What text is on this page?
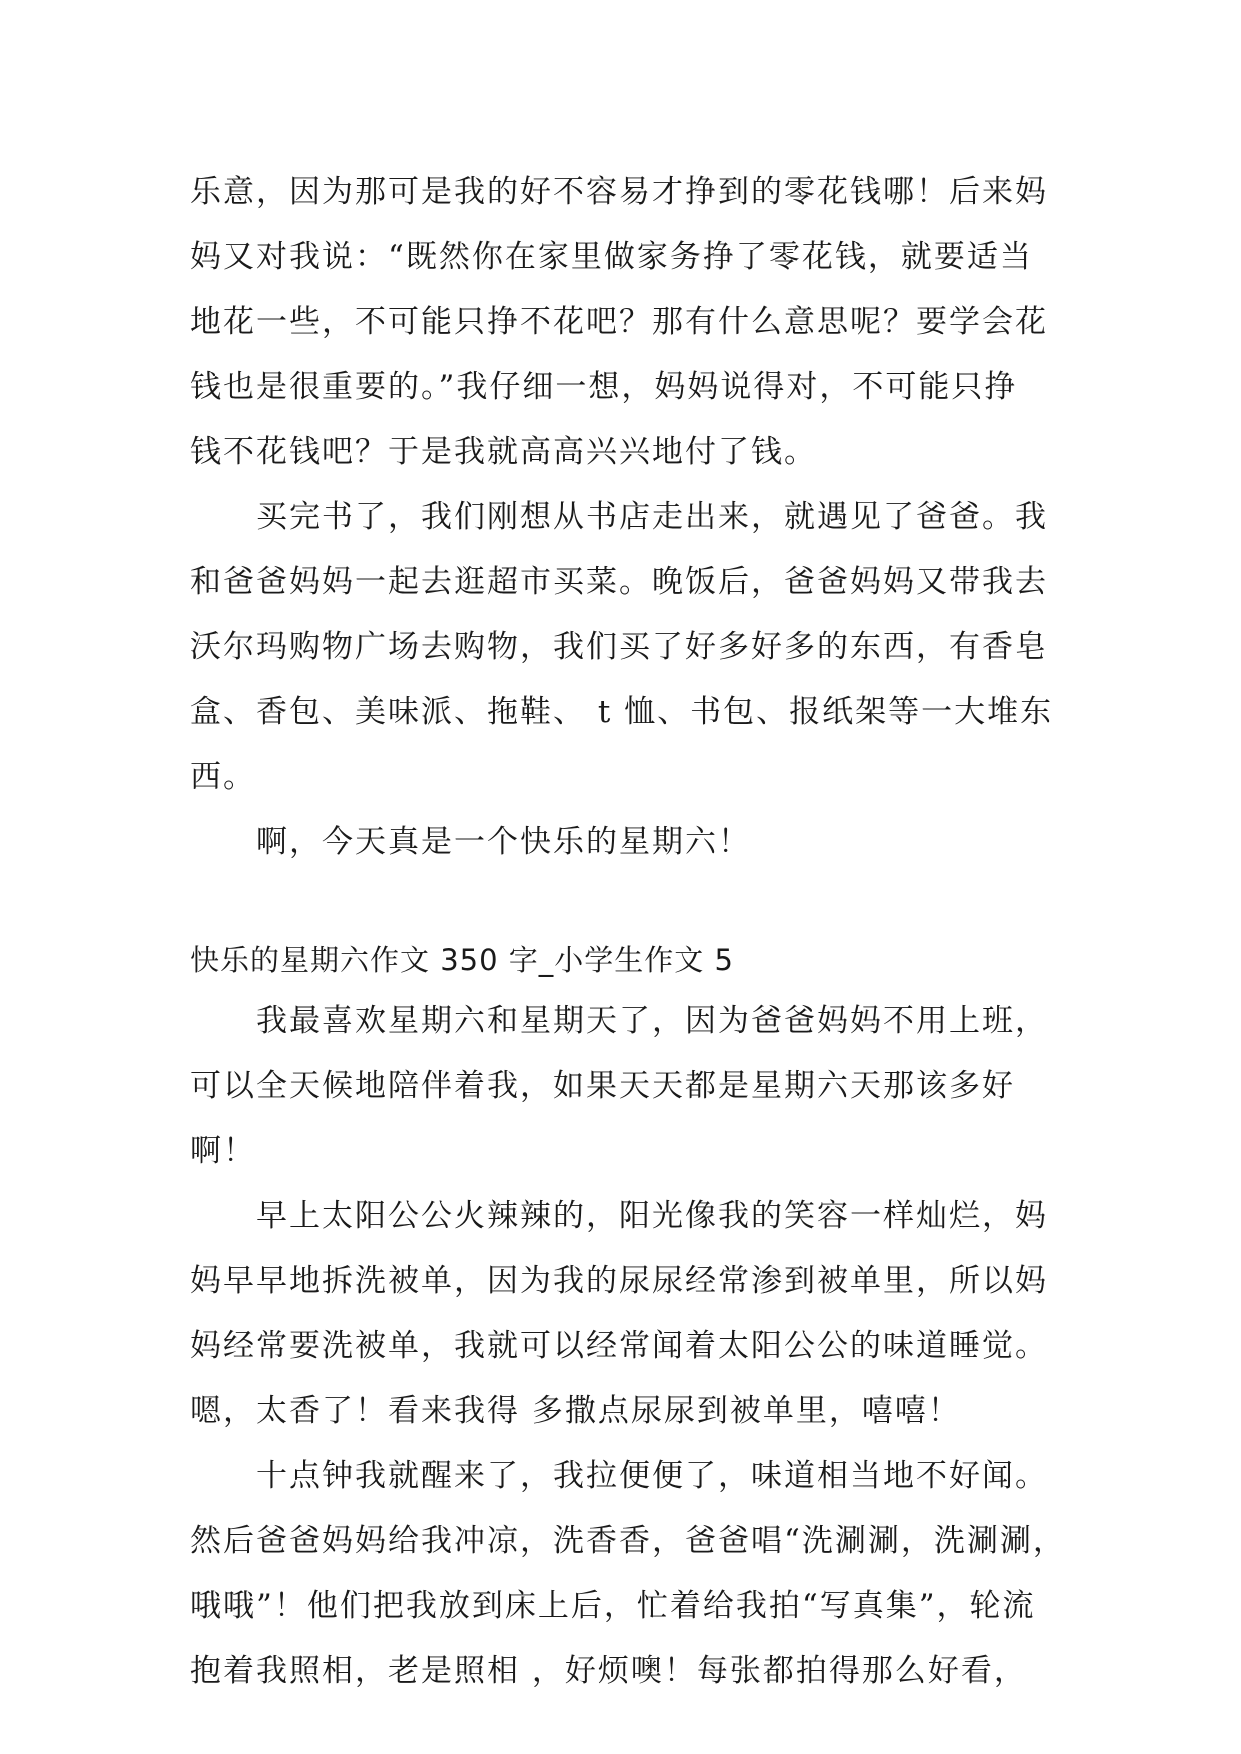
乐意，因为那可是我的好不容易才挣到的零花钱哪！后来妈
妈又对我说：“既然你在家里做家务挣了零花钱，就要适当
地花一些，不可能只挣不花吧？那有什么意思呢？要学会花
钱也是很重要的。”我仔细一想，妈妈说得对，不可能只挣
钱不花钱吧？于是我就高高兴兴地付了钱。
买完书了，我们刚想从书店走出来，就遇见了爸爸。我
和爸爸妈妈一起去逛超市买菜。晚饭后，爸爸妈妈又带我去
沃尔玛购物广场去购物，我们买了好多好多的东西，有香皂
盒、香包、美味派、拖鞋、 t 恤、书包、报纸架等一大堆东
西。
啊，今天真是一个快乐的星期六！
快乐的星期六作文 350 字_小学生作文 5
我最喜欢星期六和星期天了，因为爸爸妈妈不用上班，
可以全天候地陪伴着我，如果天天都是星期六天那该多好
啊！
早上太阳公公火辣辣的，阳光像我的笑容一样灿烂，妈
妈早早地拆洗被单，因为我的尿尿经常渗到被单里，所以妈
妈经常要洗被单，我就可以经常闻着太阳公公的味道睡觉。
嗯，太香了！看来我得 多撒点尿尿到被单里，嘻嘻！
十点钟我就醒来了，我拉便便了，味道相当地不好闻。
然后爸爸妈妈给我冲凉，洗香香，爸爸唱“洗涮涮，洗涮涮，
哦哦”！他们把我放到床上后，忙着给我拍“写真集”，轮流
抱着我照相，老是照相 ，好烦噢！每张都拍得那么好看，
